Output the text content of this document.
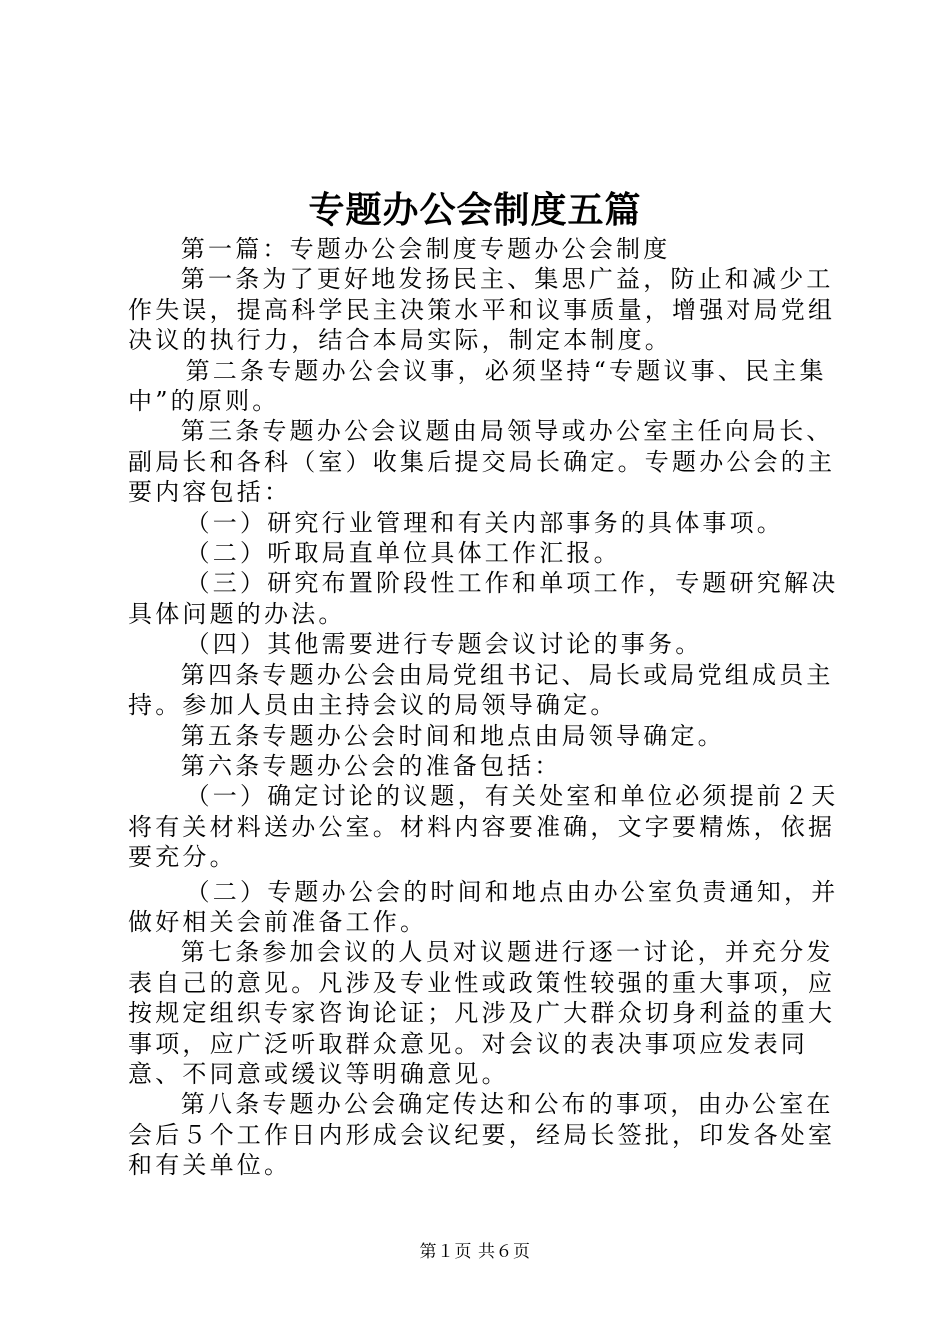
专题办公会制度五篇

第一篇：专题办公会制度专题办公会制度

第一条为了更好地发扬民主、集思广益，防止和减少工作失误，提高科学民主决策水平和议事质量，增强对局党组决议的执行力，结合本局实际，制定本制度。

第二条专题办公会议事，必须坚持“专题议事、民主集中”的原则。

第三条专题办公会议题由局领导或办公室主任向局长、副局长和各科（室）收集后提交局长确定。专题办公会的主要内容包括：

（一）研究行业管理和有关内部事务的具体事项。

（二）听取局直单位具体工作汇报。

（三）研究布置阶段性工作和单项工作，专题研究解决具体问题的办法。

（四）其他需要进行专题会议讨论的事务。

第四条专题办公会由局党组书记、局长或局党组成员主持。参加人员由主持会议的局领导确定。

第五条专题办公会时间和地点由局领导确定。

第六条专题办公会的准备包括：

（一）确定讨论的议题，有关处室和单位必须提前２天将有关材料送办公室。材料内容要准确，文字要精炼，依据要充分。

（二）专题办公会的时间和地点由办公室负责通知，并做好相关会前准备工作。

第七条参加会议的人员对议题进行逐一讨论，并充分发表自己的意见。凡涉及专业性或政策性较强的重大事项，应按规定组织专家咨询论证；凡涉及广大群众切身利益的重大事项，应广泛听取群众意见。对会议的表决事项应发表同意、不同意或缓议等明确意见。

第八条专题办公会确定传达和公布的事项，由办公室在会后５个工作日内形成会议纪要，经局长签批，印发各处室和有关单位。

第１页 共６页
